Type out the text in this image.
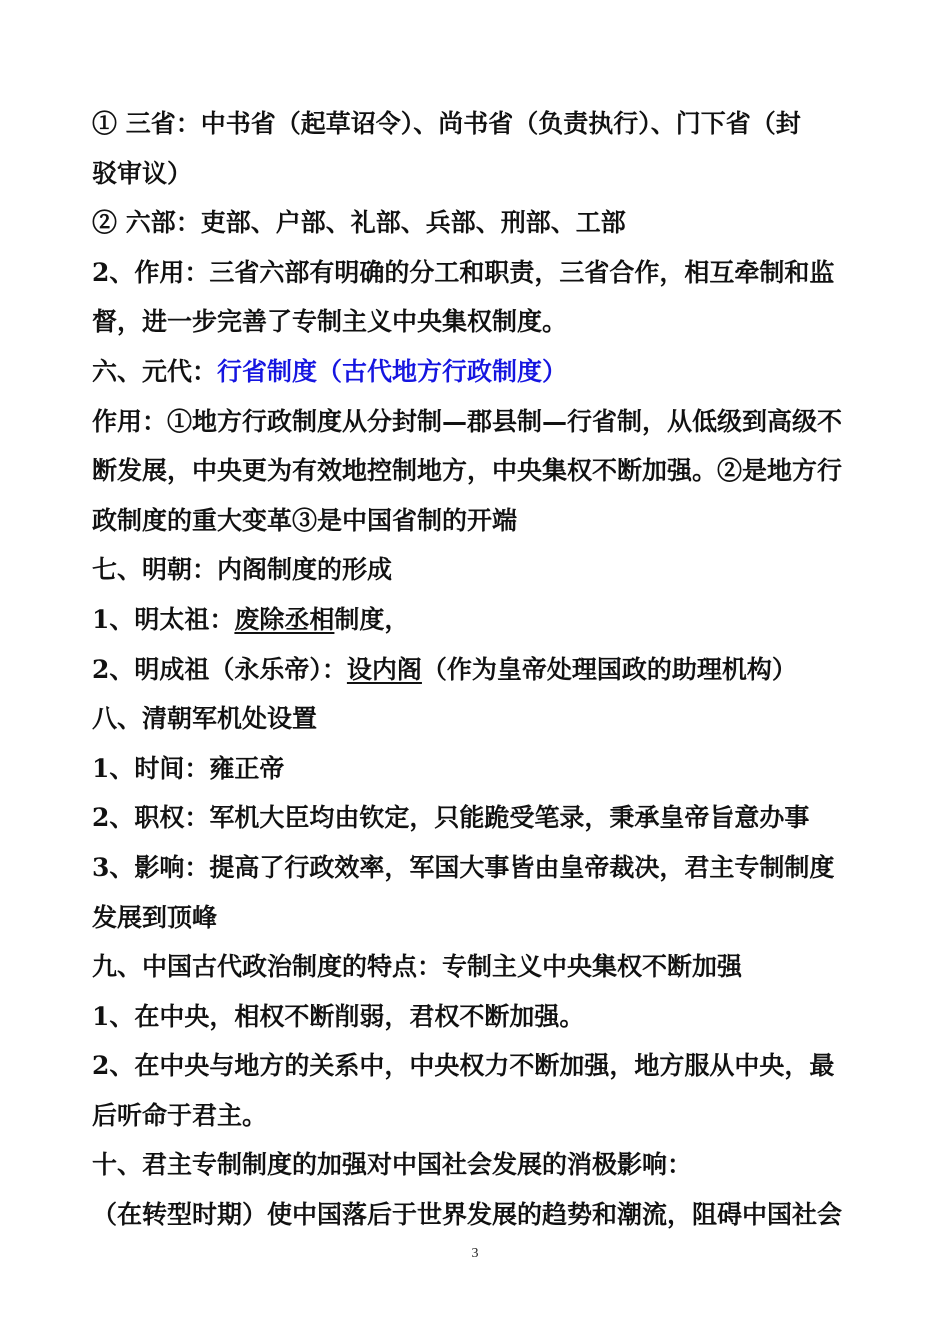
① 三省：中书省（起草诏令）、尚书省（负责执行）、门下省（封
驳审议）
② 六部：吏部、户部、礼部、兵部、刑部、工部
2、作用：三省六部有明确的分工和职责，三省合作，相互牵制和监
督，进一步完善了专制主义中央集权制度。
六、元代：行省制度（古代地方行政制度）
作用：①地方行政制度从分封制—郡县制—行省制，从低级到高级不
断发展，中央更为有效地控制地方，中央集权不断加强。②是地方行
政制度的重大变革③是中国省制的开端
七、明朝：内阁制度的形成
1、明太祖：废除丞相制度，
2、明成祖（永乐帝）：设内阁（作为皇帝处理国政的助理机构）
八、清朝军机处设置
1、时间：雍正帝
2、职权：军机大臣均由钦定，只能跪受笔录，秉承皇帝旨意办事
3、影响：提高了行政效率，军国大事皆由皇帝裁决，君主专制制度
发展到顶峰
九、中国古代政治制度的特点：专制主义中央集权不断加强
1、在中央，相权不断削弱，君权不断加强。
2、在中央与地方的关系中，中央权力不断加强，地方服从中央，最
后听命于君主。
十、君主专制制度的加强对中国社会发展的消极影响：
（在转型时期）使中国落后于世界发展的趋势和潮流，阻碍中国社会
3
